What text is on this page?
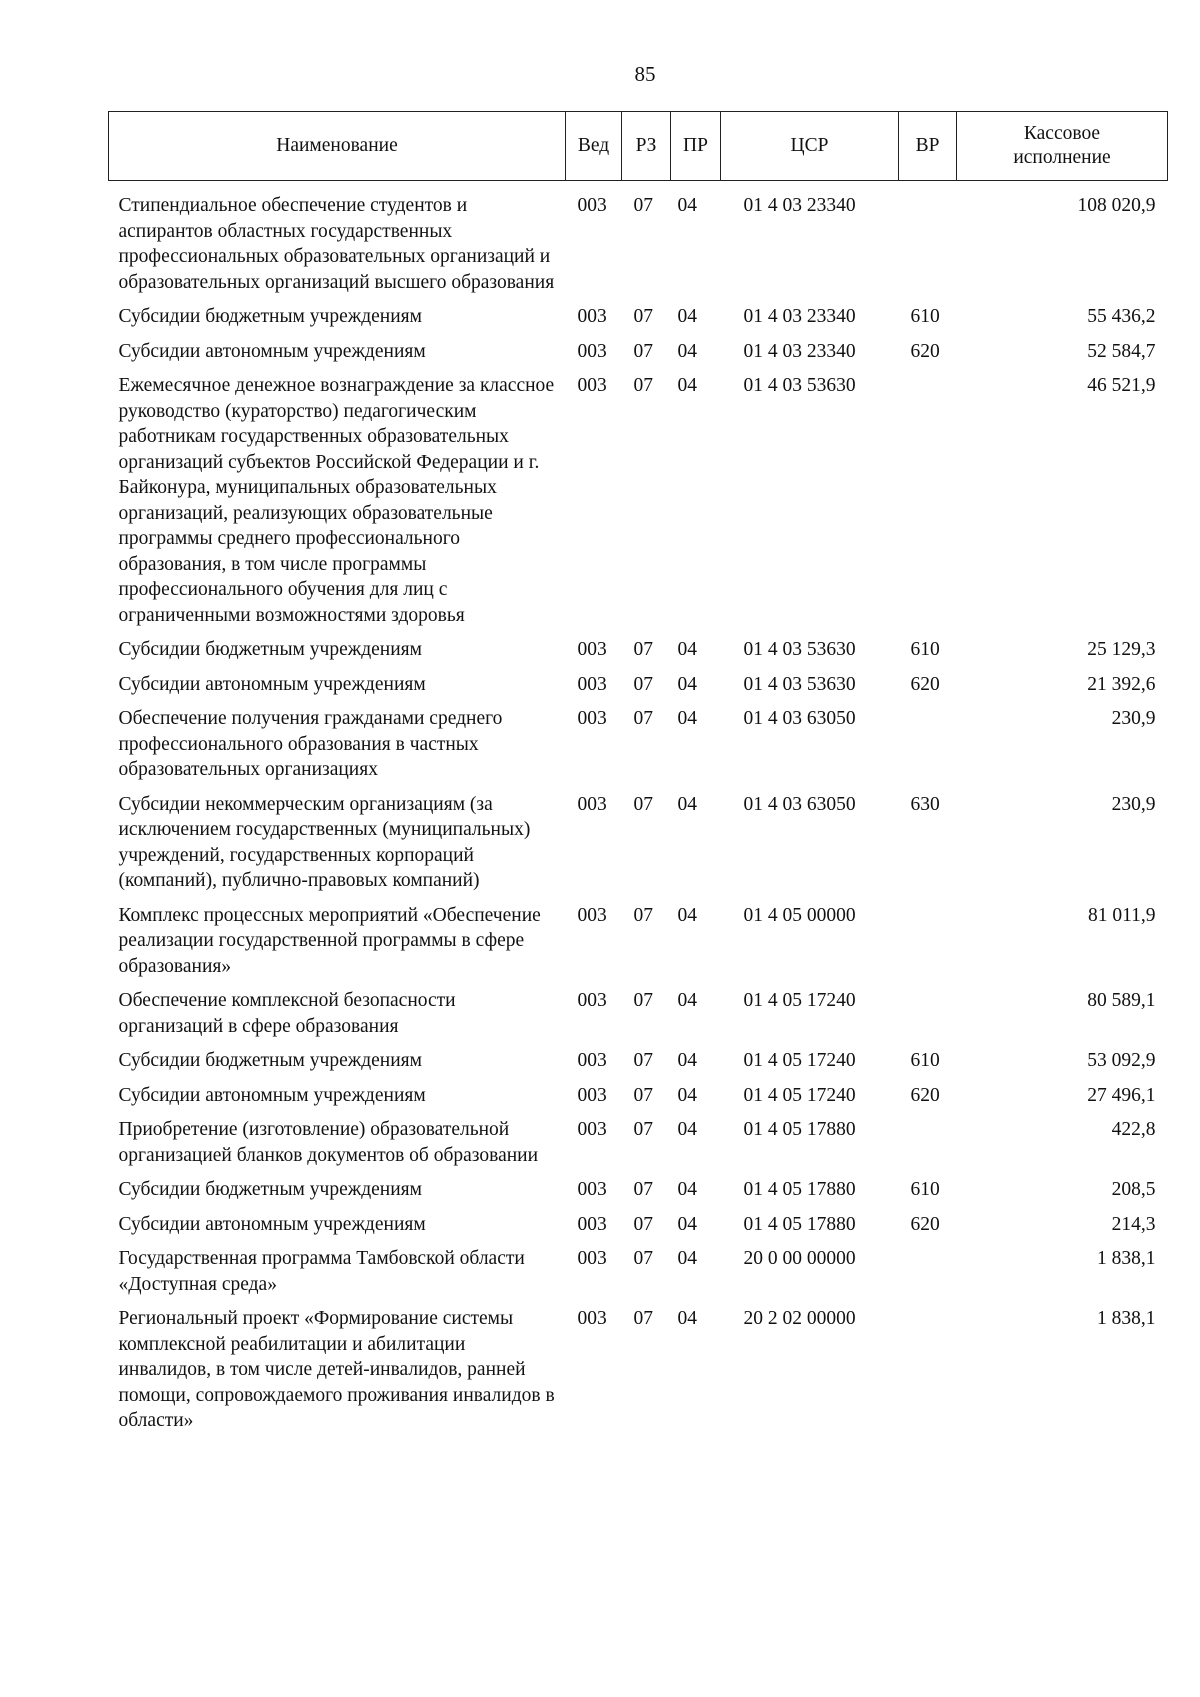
85
Наименование	Вед	РЗ	ПР	ЦСР	ВР	Кассовое
исполнение
Стипендиальное обеспечение студентов и аспирантов областных государственных профессиональных образовательных организаций и образовательных организаций высшего образования	003	07	04	01 4 03 23340		108 020,9
Субсидии бюджетным учреждениям	003	07	04	01 4 03 23340	610	55 436,2
Субсидии автономным учреждениям	003	07	04	01 4 03 23340	620	52 584,7
Ежемесячное денежное вознаграждение за классное руководство (кураторство) педагогическим работникам государственных образовательных организаций субъектов Российской Федерации и г. Байконура, муниципальных образовательных организаций, реализующих образовательные программы среднего профессионального образования, в том числе программы профессионального обучения для лиц с ограниченными возможностями здоровья	003	07	04	01 4 03 53630		46 521,9
Субсидии бюджетным учреждениям	003	07	04	01 4 03 53630	610	25 129,3
Субсидии автономным учреждениям	003	07	04	01 4 03 53630	620	21 392,6
Обеспечение получения гражданами среднего профессионального образования в частных образовательных организациях	003	07	04	01 4 03 63050		230,9
Субсидии некоммерческим организациям (за исключением государственных (муниципальных) учреждений, государственных корпораций (компаний), публично-правовых компаний)	003	07	04	01 4 03 63050	630	230,9
Комплекс процессных мероприятий «Обеспечение реализации государственной программы в сфере образования»	003	07	04	01 4 05 00000		81 011,9
Обеспечение комплексной безопасности организаций в сфере образования	003	07	04	01 4 05 17240		80 589,1
Субсидии бюджетным учреждениям	003	07	04	01 4 05 17240	610	53 092,9
Субсидии автономным учреждениям	003	07	04	01 4 05 17240	620	27 496,1
Приобретение (изготовление) образовательной организацией бланков документов об образовании	003	07	04	01 4 05 17880		422,8
Субсидии бюджетным учреждениям	003	07	04	01 4 05 17880	610	208,5
Субсидии автономным учреждениям	003	07	04	01 4 05 17880	620	214,3
Государственная программа Тамбовской области «Доступная среда»	003	07	04	20 0 00 00000		1 838,1
Региональный проект «Формирование системы комплексной реабилитации и абилитации инвалидов, в том числе детей-инвалидов, ранней помощи, сопровождаемого проживания инвалидов в области»	003	07	04	20 2 02 00000		1 838,1
